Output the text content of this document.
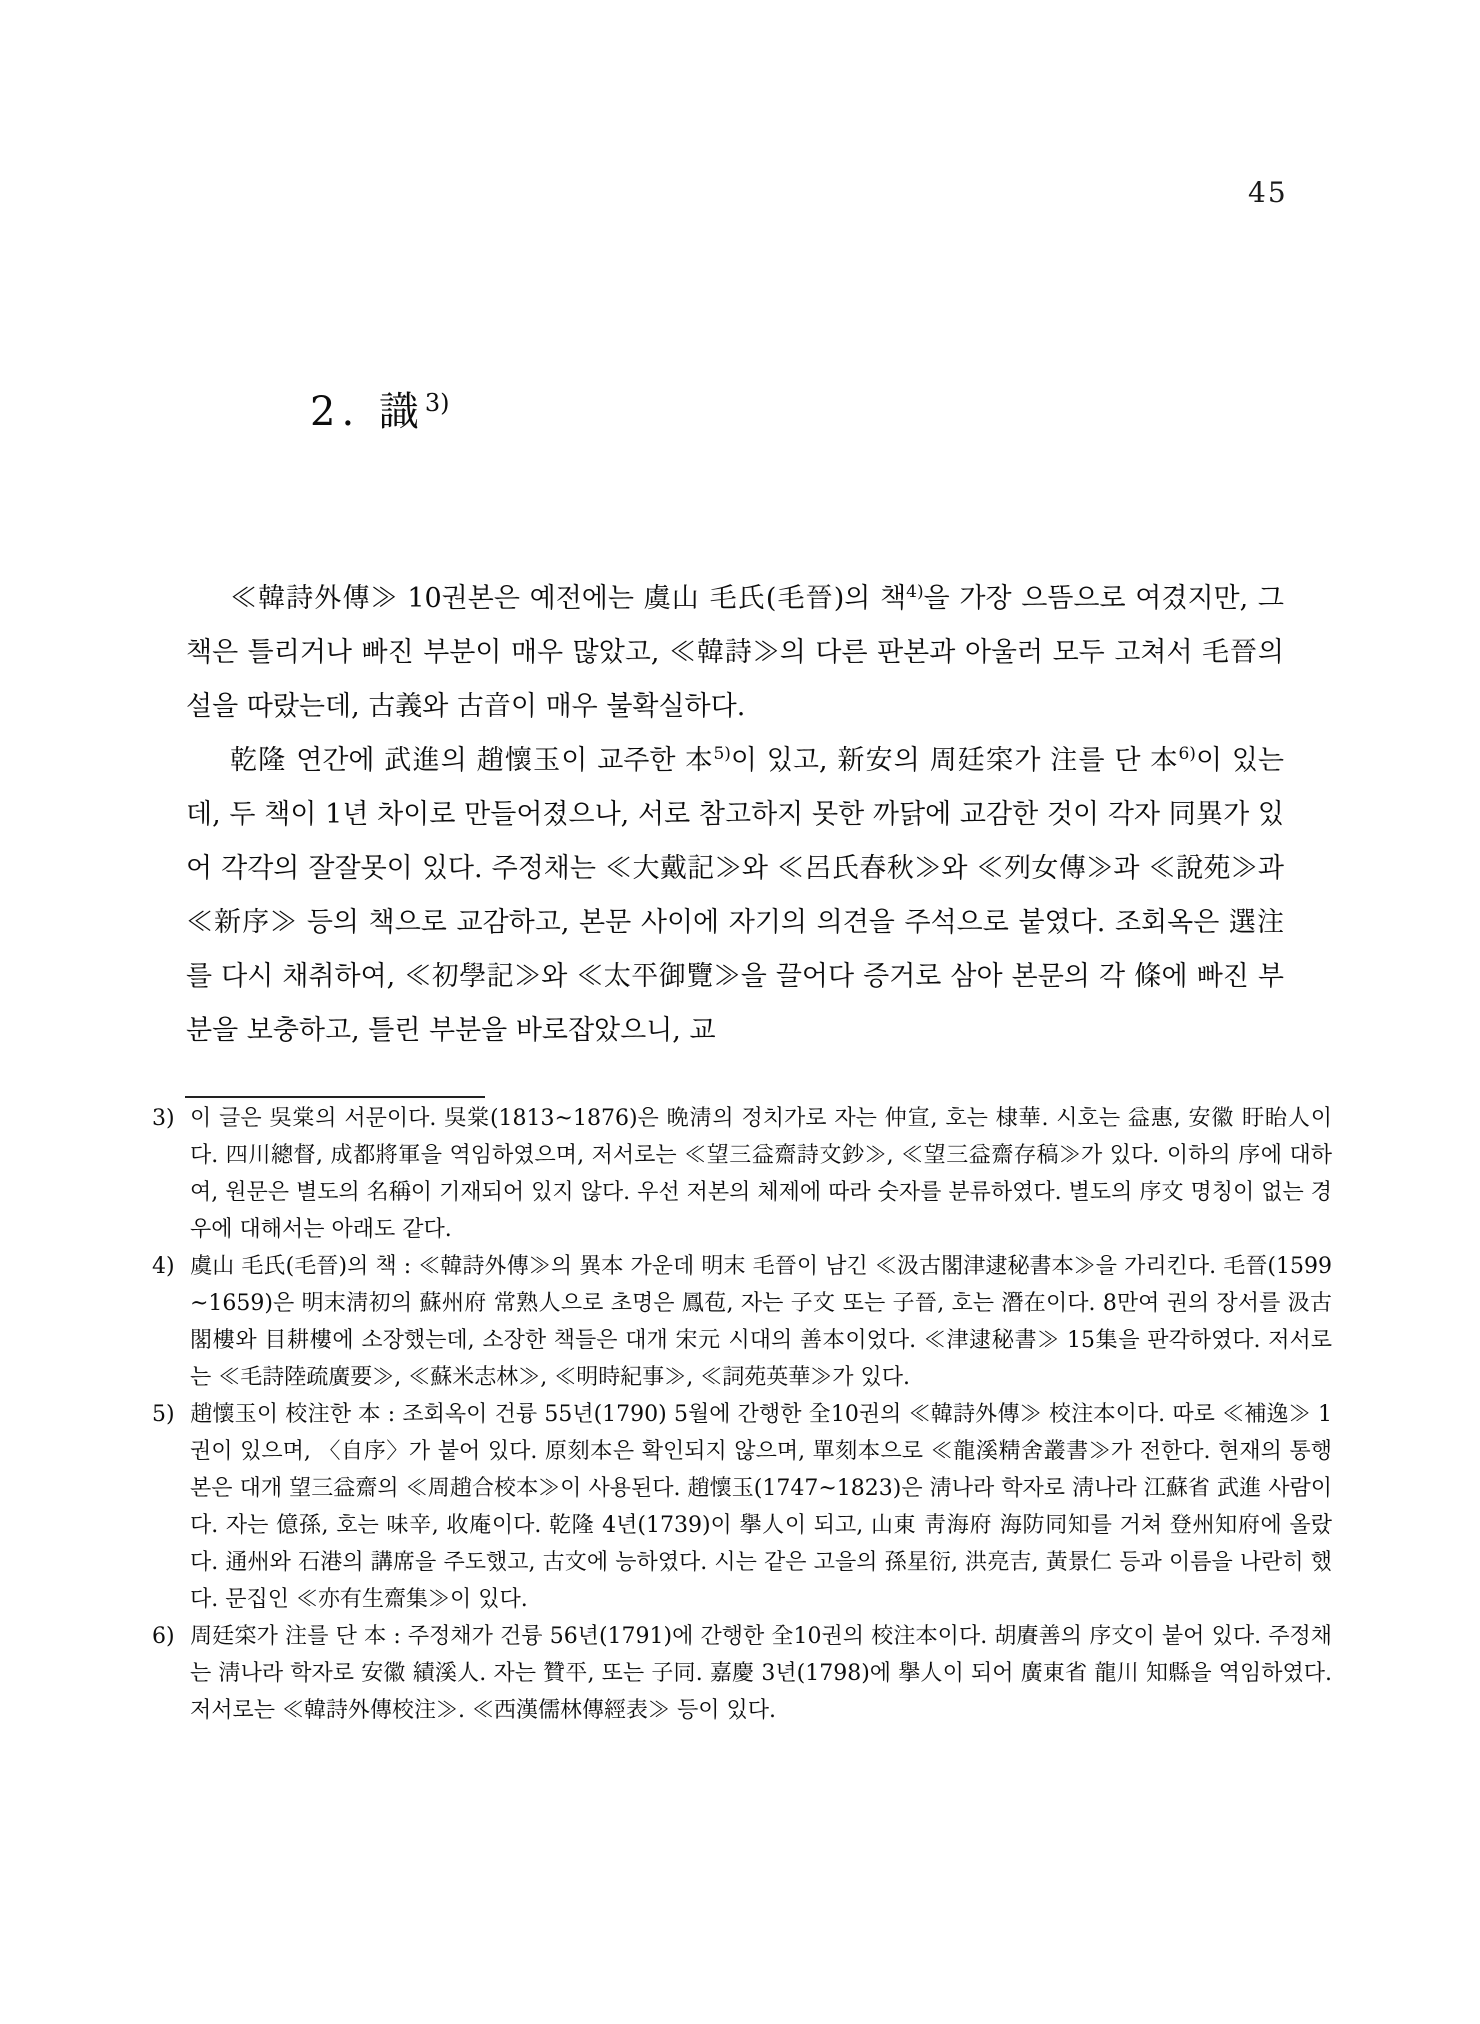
45
2. 識$^{3)}$

≪韓詩外傳≫ 10권본은 예전에는 虞山 毛氏(毛晉)의 책$^{4)}$을 가장 으뜸으로 여겼지만, 그 책은 틀리거나 빠진 부분이 매우 많았고, ≪韓詩≫의 다른 판본과 아울러 모두 고쳐서 毛晉의 설을 따랐는데, 古義와 古音이 매우 불확실하다.

乾隆 연간에 武進의 趙懷玉이 교주한 本$^{5)}$이 있고, 新安의 周廷寀가 注를 단 本$^{6)}$이 있는데, 두 책이 1년 차이로 만들어졌으나, 서로 참고하지 못한 까닭에 교감한 것이 각자 同異가 있어 각각의 잘잘못이 있다. 주정채는 ≪大戴記≫와 ≪呂氏春秋≫와 ≪列女傳≫과 ≪說苑≫과 ≪新序≫ 등의 책으로 교감하고, 본문 사이에 자기의 의견을 주석으로 붙였다. 조회옥은 選注를 다시 채취하여, ≪初學記≫와 ≪太平御覽≫을 끌어다 증거로 삼아 본문의 각 條에 빠진 부분을 보충하고, 틀린 부분을 바로잡았으니, 교

3) 이 글은 吳棠의 서문이다. 吳棠(1813~1876)은 晩淸의 정치가로 자는 仲宣, 호는 棣華. 시호는 益惠, 安徽 盱眙人이다. 四川總督, 成都將軍을 역임하였으며, 저서로는 ≪望三益齋詩文鈔≫, ≪望三益齋存稿≫가 있다. 이하의 序에 대하여, 원문은 별도의 名稱이 기재되어 있지 않다. 우선 저본의 체제에 따라 숫자를 분류하였다. 별도의 序文 명칭이 없는 경우에 대해서는 아래도 같다.
4) 虞山 毛氏(毛晉)의 책 : ≪韓詩外傳≫의 異本 가운데 明末 毛晉이 남긴 ≪汲古閣津逮秘書本≫을 가리킨다. 毛晉(1599~1659)은 明末淸初의 蘇州府 常熟人으로 초명은 鳳苞, 자는 子文 또는 子晉, 호는 潛在이다. 8만여 권의 장서를 汲古閣樓와 目耕樓에 소장했는데, 소장한 책들은 대개 宋元 시대의 善本이었다. ≪津逮秘書≫ 15集을 판각하였다. 저서로는 ≪毛詩陸疏廣要≫, ≪蘇米志林≫, ≪明時紀事≫, ≪詞苑英華≫가 있다.
5) 趙懷玉이 校注한 本 : 조회옥이 건륭 55년(1790) 5월에 간행한 全10권의 ≪韓詩外傳≫ 校注本이다. 따로 ≪補逸≫ 1권이 있으며, 〈自序〉가 붙어 있다. 原刻本은 확인되지 않으며, 單刻本으로 ≪龍溪精舍叢書≫가 전한다. 현재의 통행본은 대개 望三益齋의 ≪周趙合校本≫이 사용된다. 趙懷玉(1747~1823)은 淸나라 학자로 淸나라 江蘇省 武進 사람이다. 자는 億孫, 호는 味辛, 收庵이다. 乾隆 4년(1739)이 擧人이 되고, 山東 靑海府 海防同知를 거쳐 登州知府에 올랐다. 通州와 石港의 講席을 주도했고, 古文에 능하였다. 시는 같은 고을의 孫星衍, 洪亮吉, 黃景仁 등과 이름을 나란히 했다. 문집인 ≪亦有生齋集≫이 있다.
6) 周廷寀가 注를 단 本 : 주정채가 건륭 56년(1791)에 간행한 全10권의 校注本이다. 胡賡善의 序文이 붙어 있다. 주정채는 淸나라 학자로 安徽 績溪人. 자는 贊平, 또는 子同. 嘉慶 3년(1798)에 擧人이 되어 廣東省 龍川 知縣을 역임하였다. 저서로는 ≪韓詩外傳校注≫. ≪西漢儒林傳經表≫ 등이 있다.
